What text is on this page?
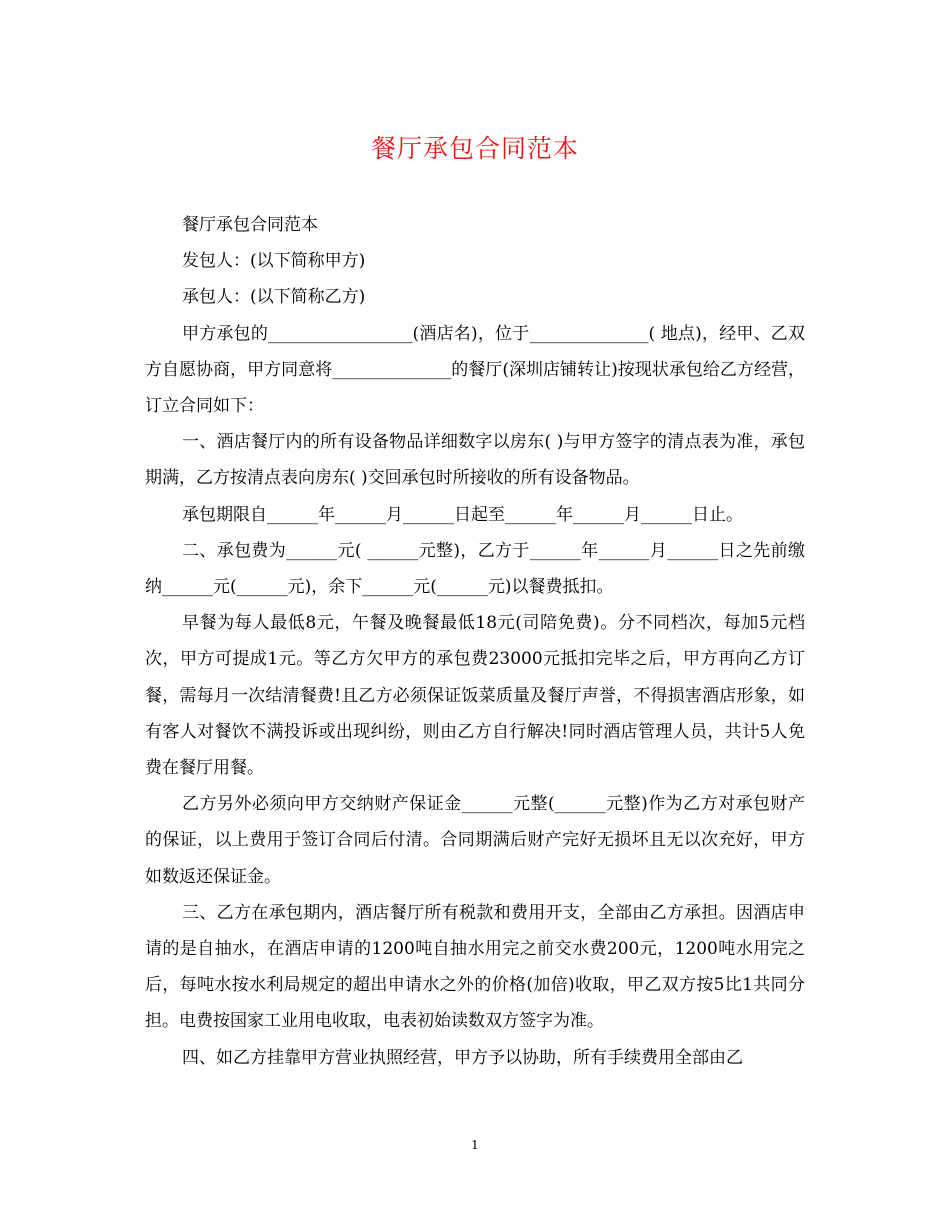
餐厅承包合同范本

餐厅承包合同范本

发包人：(以下简称甲方)

承包人：(以下简称乙方)

甲方承包的_________________(酒店名)，位于______________( 地点)，经甲、乙双方自愿协商，甲方同意将______________的餐厅(深圳店铺转让)按现状承包给乙方经营，订立合同如下：

一、酒店餐厅内的所有设备物品详细数字以房东( )与甲方签字的清点表为准，承包期满，乙方按清点表向房东( )交回承包时所接收的所有设备物品。

承包期限自______年______月______日起至______年______月______日止。

二、承包费为______元( ______元整)，乙方于______年______月______日之先前缴纳______元(______元)，余下______元(______元)以餐费抵扣。

早餐为每人最低8元，午餐及晚餐最低18元(司陪免费)。分不同档次，每加5元档次，甲方可提成1元。等乙方欠甲方的承包费23000元抵扣完毕之后，甲方再向乙方订餐，需每月一次结清餐费!且乙方必须保证饭菜质量及餐厅声誉，不得损害酒店形象，如有客人对餐饮不满投诉或出现纠纷，则由乙方自行解决!同时酒店管理人员，共计5人免费在餐厅用餐。

乙方另外必须向甲方交纳财产保证金______元整(______元整)作为乙方对承包财产的保证，以上费用于签订合同后付清。合同期满后财产完好无损坏且无以次充好，甲方如数返还保证金。

三、乙方在承包期内，酒店餐厅所有税款和费用开支，全部由乙方承担。因酒店申请的是自抽水，在酒店申请的1200吨自抽水用完之前交水费200元，1200吨水用完之后，每吨水按水利局规定的超出申请水之外的价格(加倍)收取，甲乙双方按5比1共同分担。电费按国家工业用电收取，电表初始读数双方签字为准。

四、如乙方挂靠甲方营业执照经营，甲方予以协助，所有手续费用全部由乙

1
